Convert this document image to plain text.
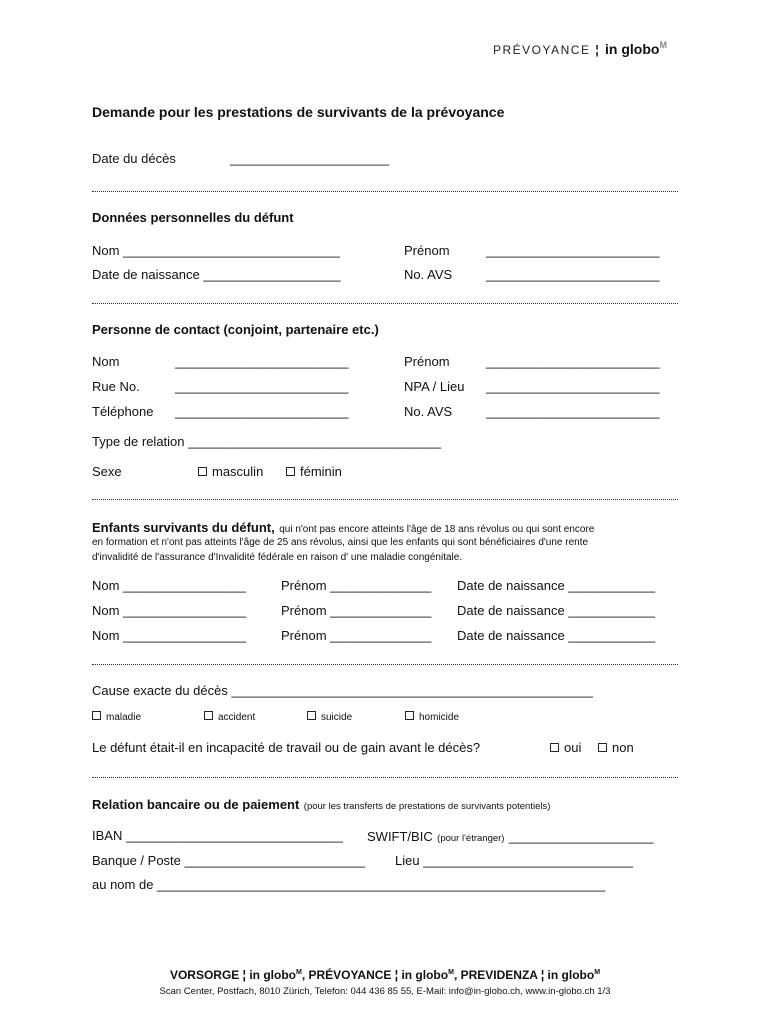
PRÉVOYANCE ¦ in globo$^M$
Demande pour les prestations de survivants de la prévoyance
Date du décès	______________________
Données personnelles du défunt
Nom ______________________________	Prénom	________________________
Date de naissance ___________________	No. AVS	________________________
Personne de contact (conjoint, partenaire etc.)
Nom	________________________	Prénom	________________________
Rue No.	________________________	NPA / Lieu ________________________
Téléphone ________________________	No. AVS	________________________
Type de relation ___________________________________
Sexe	masculin	féminin
Enfants survivants du défunt, qui n'ont pas encore atteints l'âge de 18 ans révolus ou qui sont encore
en formation et n'ont pas atteints l'âge de 25 ans révolus, ainsi que les enfants qui sont bénéficiaires d'une rente
d'invalidité de l'assurance d'Invalidité fédérale en raison d' une maladie congénitale.
Nom _________________	Prénom ______________ Date de naissance ____________
Nom _________________	Prénom ______________ Date de naissance ____________
Nom _________________	Prénom ______________ Date de naissance ____________
Cause exacte du décès __________________________________________________
maladie	accident	suicide	homicide
Le défunt était-il en incapacité de travail ou de gain avant le décès?	oui	non
Relation bancaire ou de paiement (pour les transferts de prestations de survivants potentiels)
IBAN ______________________________ SWIFT/BIC (pour l'étranger) ____________________
Banque / Poste _________________________ Lieu _____________________________
au nom de ______________________________________________________________
VORSORGE ¦ in globo$^M$, PRÉVOYANCE ¦ in globo$^M$, PREVIDENZA ¦ in globo$^M$
Scan Center, Postfach, 8010 Zürich, Telefon: 044 436 85 55, E-Mail: info@in-globo.ch, www.in-globo.ch 1/3
